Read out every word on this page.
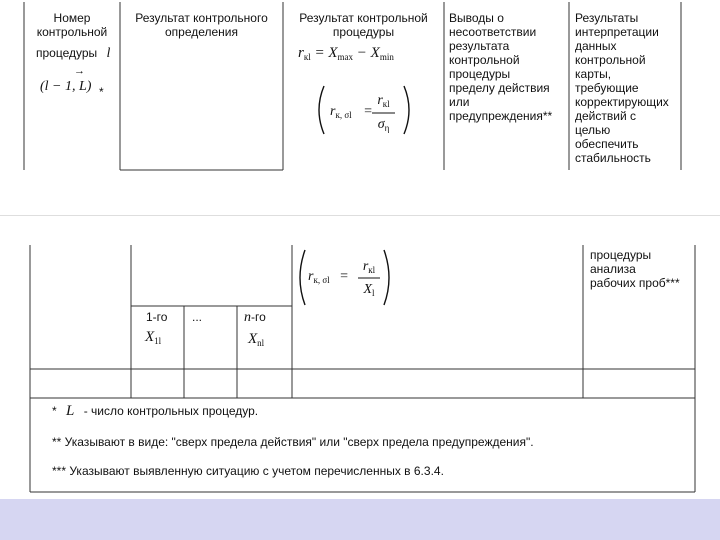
Номер
контрольной
процедуры l
→
(l − 1, L) *
Результат контрольного
определения
Результат контрольной
процедуры
$r_{кl} = X_{max} - X_{min}$
$r_{к, \sigma l}$ =
$r_{кl}$
$\sigma_\eta$
Выводы о
несоответствии
результата
контрольной
процедуры
пределу действия
или
предупреждения**
Результаты
интерпретации
данных
контрольной
карты,
требующие
корректирующих
действий с
целью
обеспечить
стабильность
$r_{к, \sigma l}$ =
$r_{кl}$
$X_l$
процедуры
анализа
рабочих проб***
1-го ...	n-го
$X_{1l}$	$X_{nl}$
* L - число контрольных процедур.
** Указывают в виде: "сверх предела действия" или "сверх предела предупреждения".
*** Указывают выявленную ситуацию с учетом перечисленных в 6.3.4.
